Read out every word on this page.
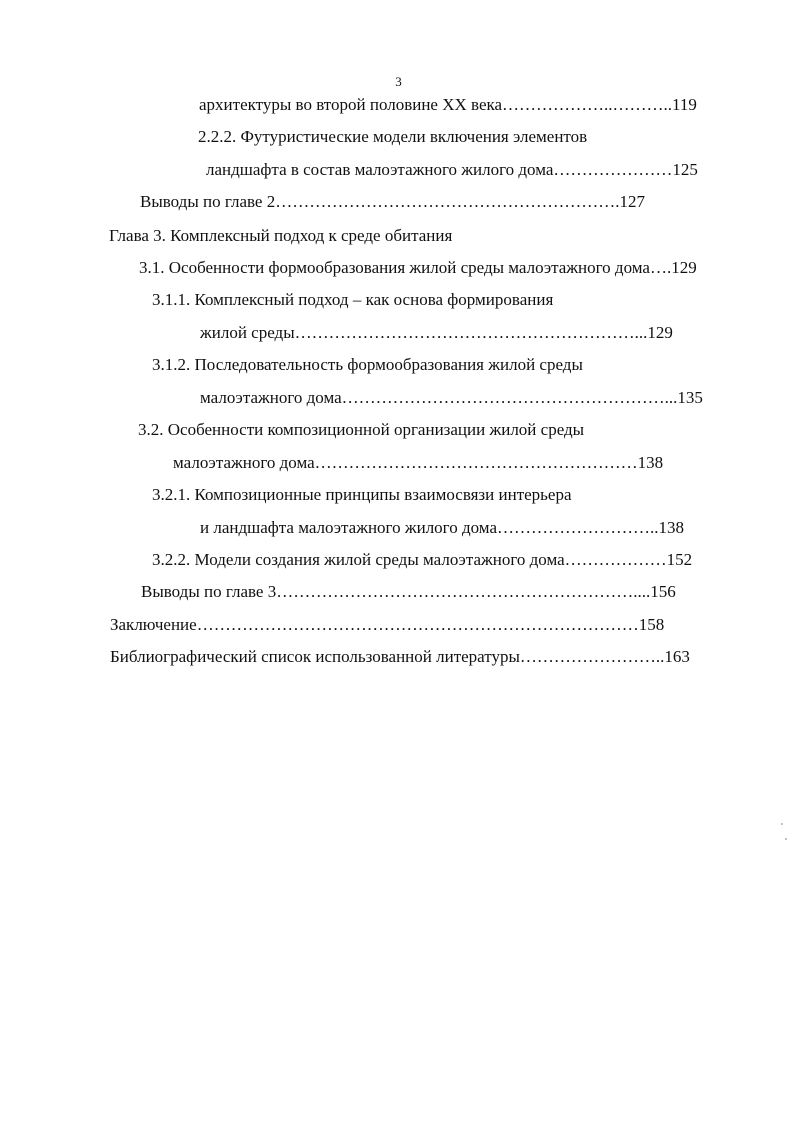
3
архитектуры во второй половине XX века………………..………..119
2.2.2. Футуристические модели включения элементов
ландшафта в состав малоэтажного жилого дома…………………125
Выводы по главе 2…………………………………………………….127
Глава 3. Комплексный подход к среде обитания
3.1. Особенности формообразования жилой среды малоэтажного дома….129
3.1.1. Комплексный подход – как основа формирования
жилой среды……………………………………………………...129
3.1.2. Последовательность формообразования жилой среды
малоэтажного дома…………………………………………………...135
3.2. Особенности композиционной организации жилой среды
малоэтажного дома…………………………………………………138
3.2.1. Композиционные принципы взаимосвязи интерьера
и ландшафта малоэтажного жилого дома………………………..138
3.2.2. Модели создания жилой среды малоэтажного дома………………152
Выводы по главе 3………………………………………………………....156
Заключение……………………………………………………………………158
Библиографический список использованной литературы……………………..163
